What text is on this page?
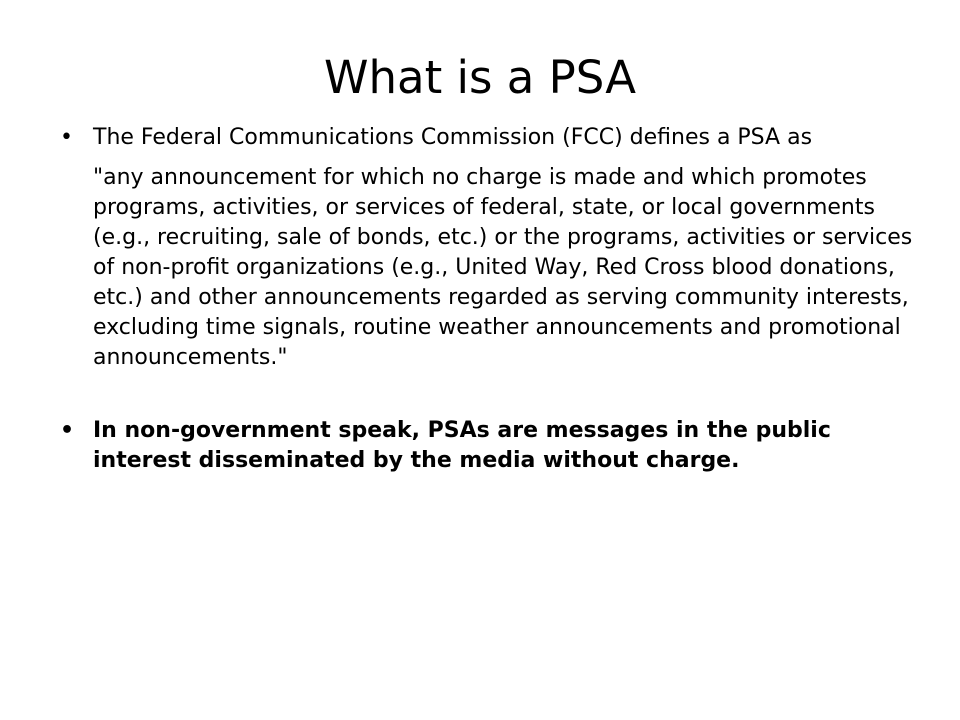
What is a PSA
• The Federal Communications Commission (FCC) defines a PSA as
"any announcement for which no charge is made and which promotes programs, activities, or services of federal, state, or local governments (e.g., recruiting, sale of bonds, etc.) or the programs, activities or services of non-profit organizations (e.g., United Way, Red Cross blood donations, etc.) and other announcements regarded as serving community interests, excluding time signals, routine weather announcements and promotional announcements."
• In non-government speak, PSAs are messages in the public interest disseminated by the media without charge.
